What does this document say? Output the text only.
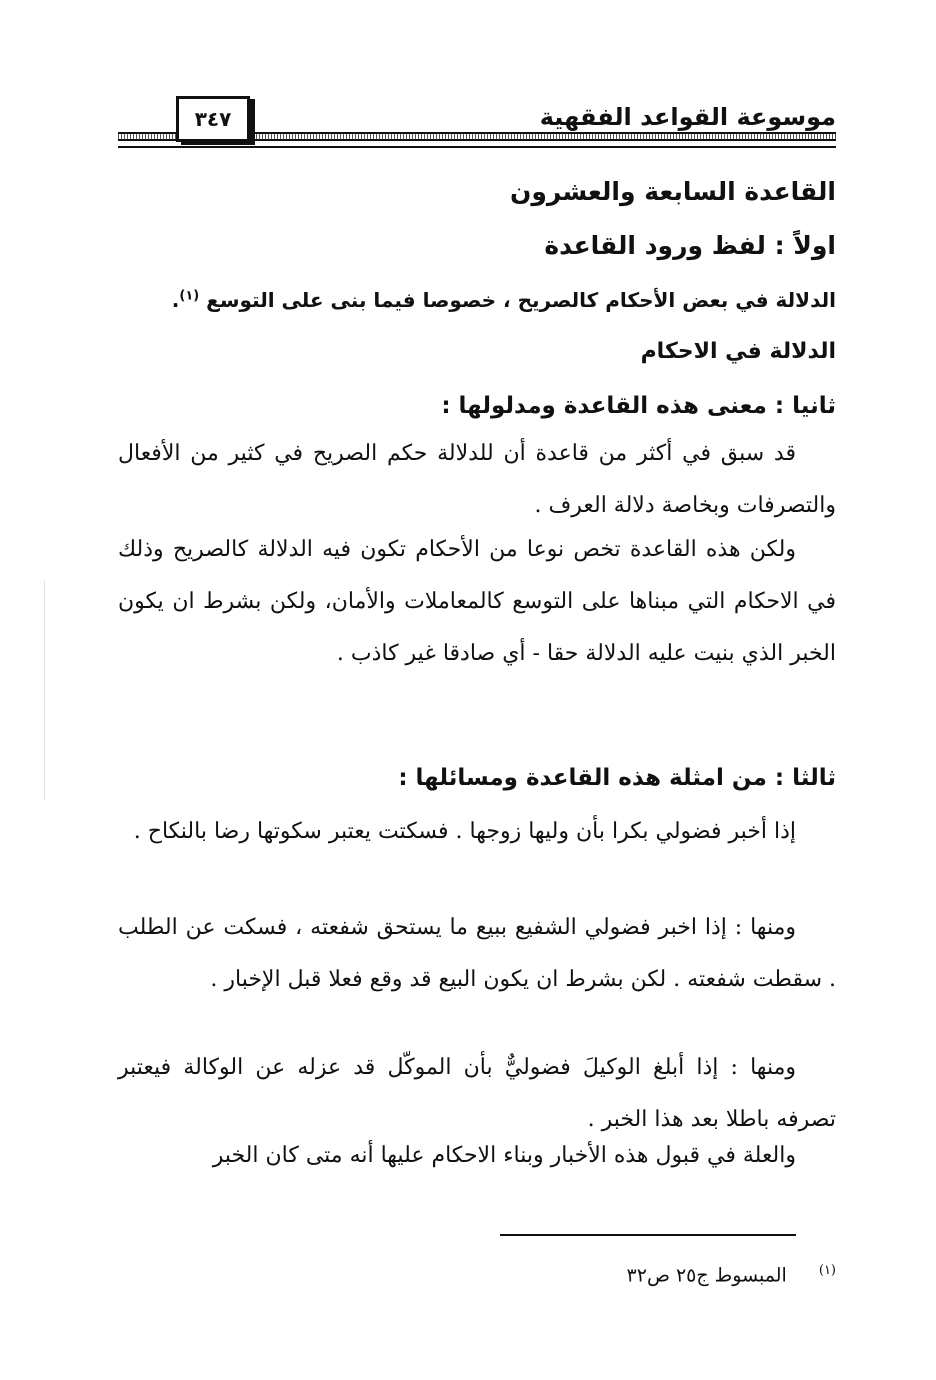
موسوعة القواعد الفقهية
٣٤٧
القاعدة السابعة والعشرون
اولاً : لفظ ورود القاعدة
الدلالة في بعض الأحكام كالصريح ، خصوصا فيما بنى على التوسع $^{(١)}$.
الدلالة في الاحكام
ثانيا : معنى هذه القاعدة ومدلولها :

قد سبق في أكثر من قاعدة أن للدلالة حكم الصريح في كثير من الأفعال والتصرفات وبخاصة دلالة العرف .

ولكن هذه القاعدة تخص نوعا من الأحكام تكون فيه الدلالة كالصريح وذلك في الاحكام التي مبناها على التوسع كالمعاملات والأمان، ولكن بشرط ان يكون الخبر الذي بنيت عليه الدلالة حقا - أي صادقا غير كاذب .

ثالثا : من امثلة هذه القاعدة ومسائلها :

إذا أخبر فضولي بكرا بأن وليها زوجها . فسكتت يعتبر سكوتها رضا بالنكاح .

ومنها : إذا اخبر فضولي الشفيع ببيع ما يستحق شفعته ، فسكت عن الطلب . سقطت شفعته . لكن بشرط ان يكون البيع قد وقع فعلا قبل الإخبار .

ومنها : إذا أبلغ الوكيلَ فضوليٌّ بأن الموكّل قد عزله عن الوكالة فيعتبر تصرفه باطلا بعد هذا الخبر .

والعلة في قبول هذه الأخبار وبناء الاحكام عليها أنه متى كان الخبر

$^{(١)}$ المبسوط ج٢٥ ص٣٢
